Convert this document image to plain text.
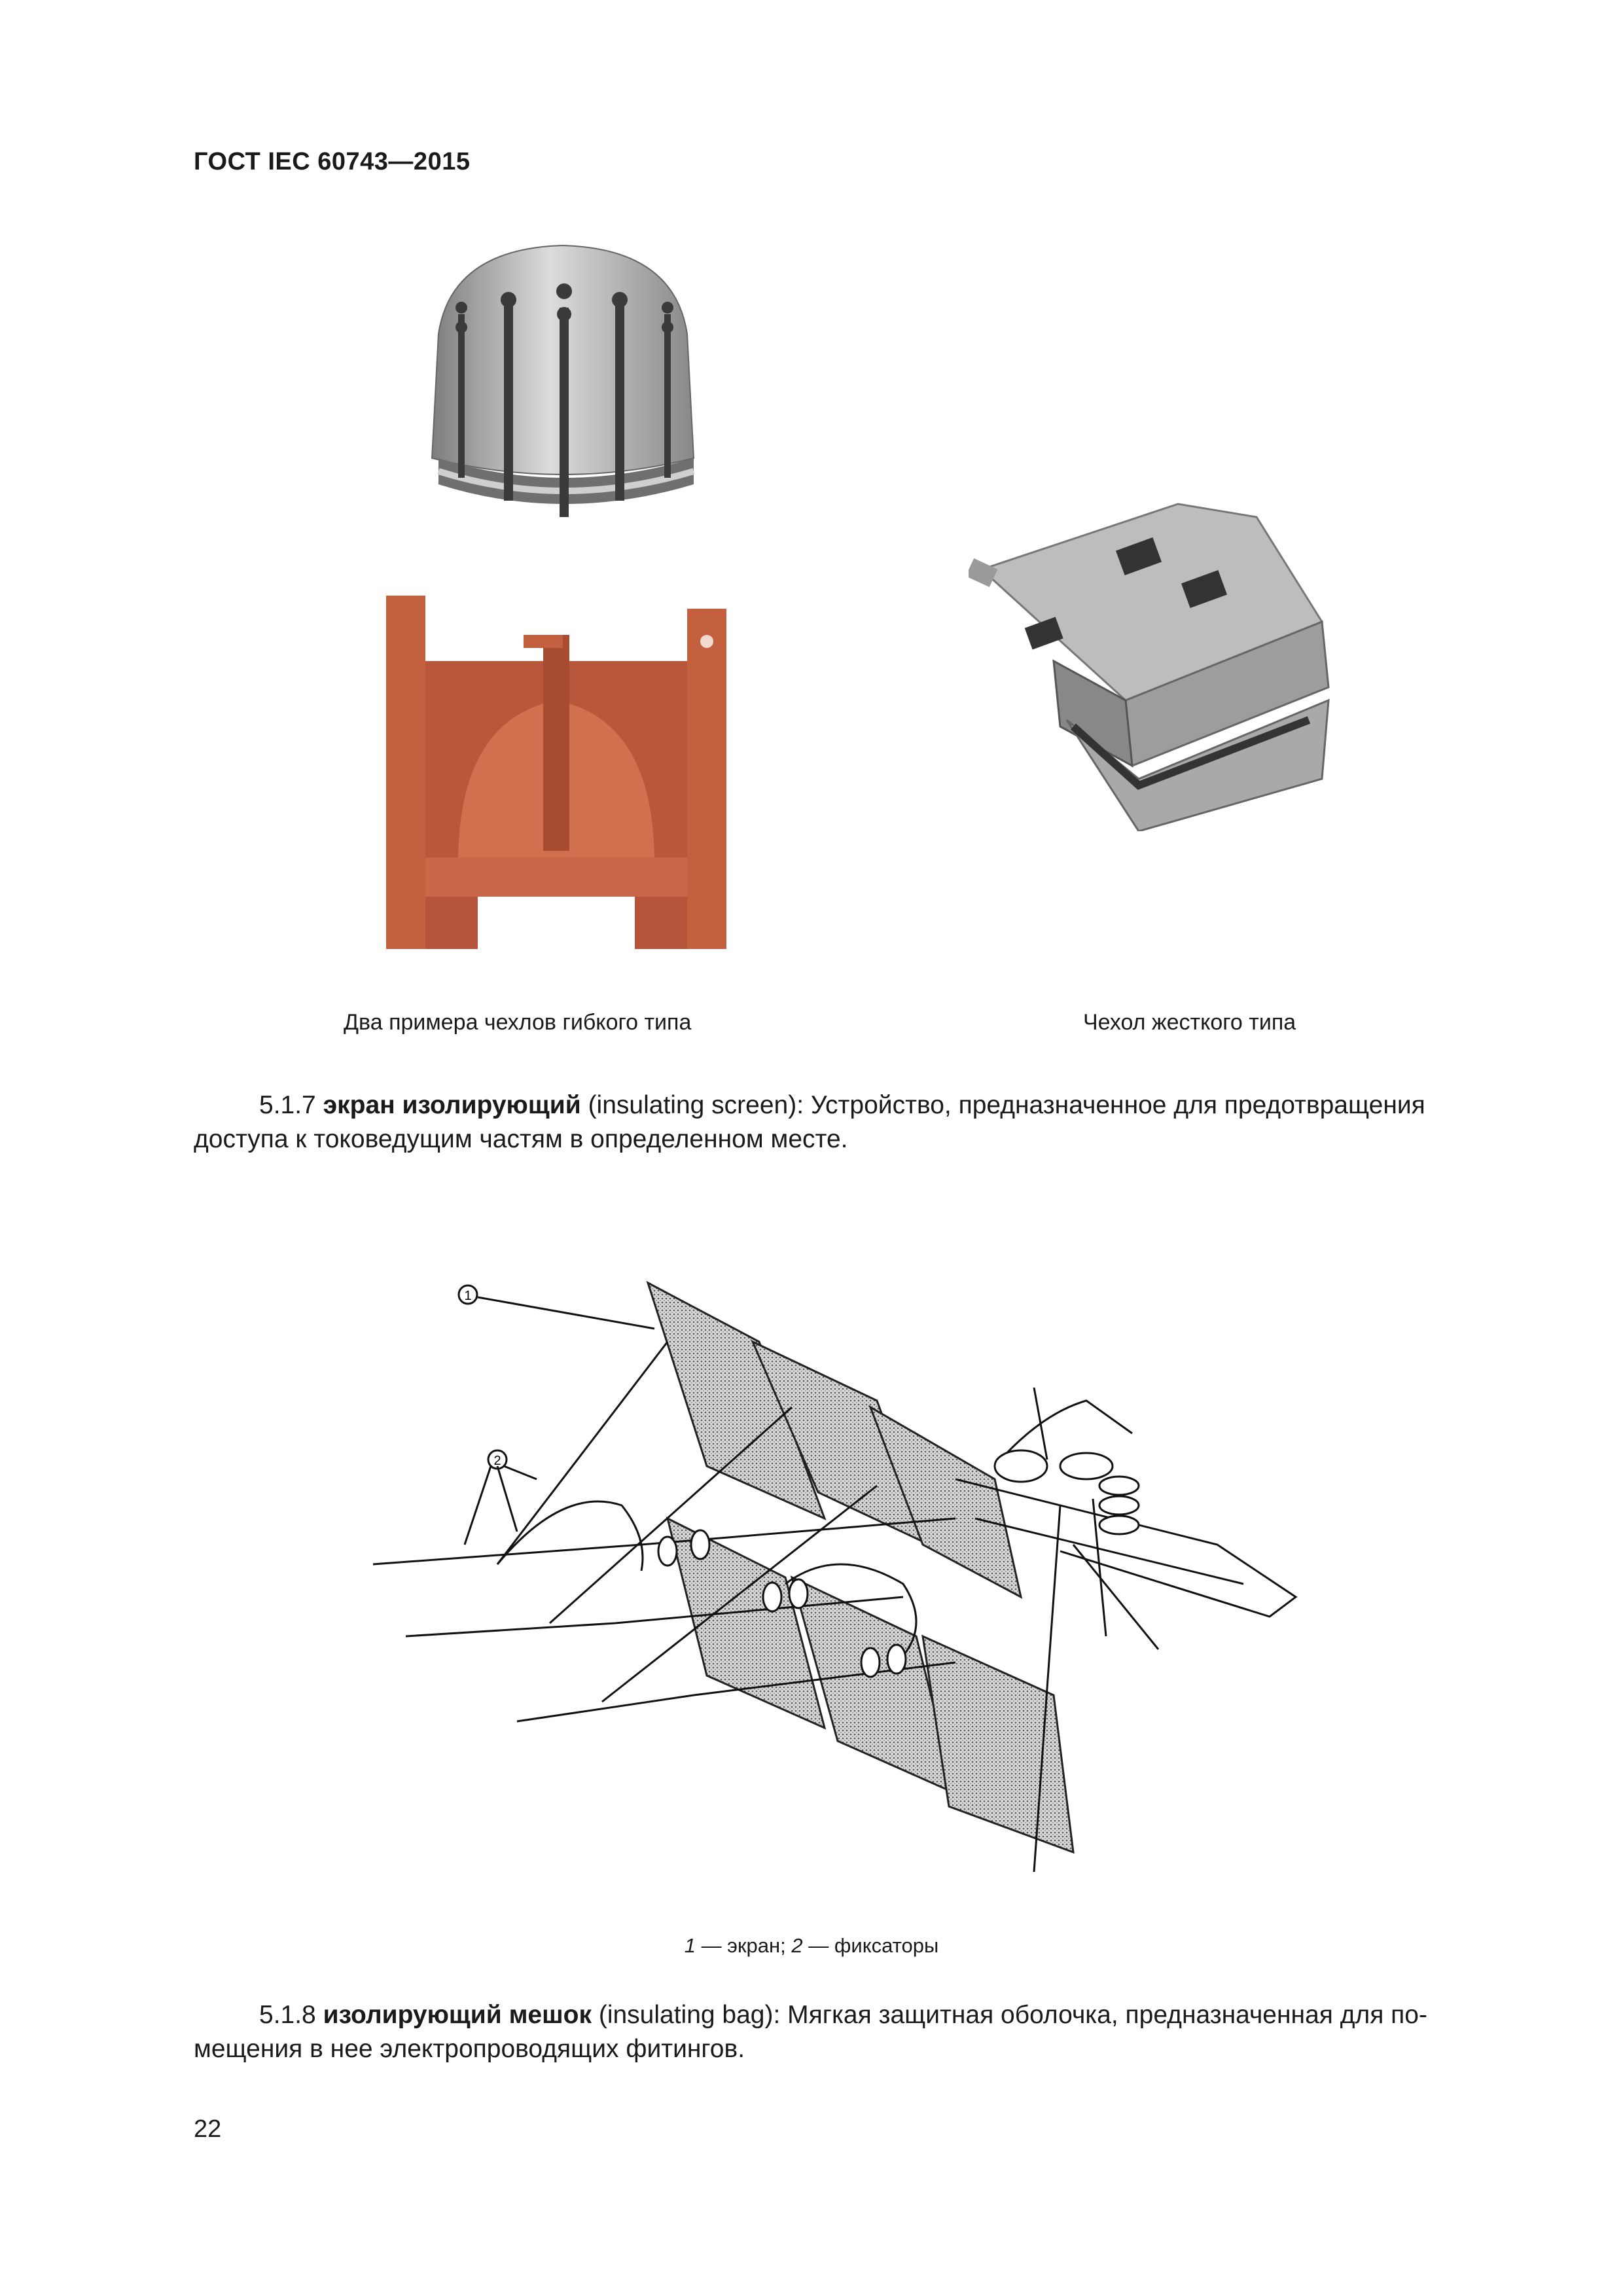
ГОСТ IEC 60743—2015
Два примера чехлов гибкого типа	Чехол жесткого типа
5.1.7 экран изолирующий (insulating screen): Устройство, предназначенное для предотвращения
доступа к токоведущим частям в определенном месте.
1
2
1 — экран; 2 — фиксаторы
5.1.8 изолирующий мешок (insulating bag): Мягкая защитная оболочка, предназначенная для по-
мещения в нее электропроводящих фитингов.
22
